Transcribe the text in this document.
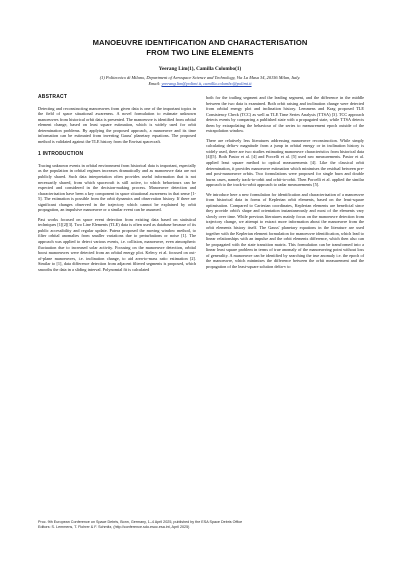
MANOEUVRE IDENTIFICATION AND CHARACTERISATION
FROM TWO LINE ELEMENTS
Yeerang Lim(1), Camilla Colombo(1)
(1) Politecnico di Milano, Department of Aerospace Science and Technology, Via La Masa 34, 20156 Milan, Italy.
Email: yeerang.lim@polimi.it, camilla.colombo@polimi.it
ABSTRACT

Detecting and reconstructing manoeuvres from given data is one of the important topics in the field of space situational awareness. A novel formulation to estimate unknown manoeuvres from historical orbit data is presented. The manoeuvre is identified from orbital element change, based on least square estimation, which is widely used for orbit determination problems. By applying the proposed approach, a manoeuvre and its time information can be estimated from inverting Gauss' planetary equations. The proposed method is validated against the TLE history from the Envisat spacecraft.

1 INTRODUCTION

Tracing unknown events in orbital environment from historical data is important, especially as the population in orbital regimes increases dramatically and as manoeuvre data are not publicly shared. Such data interpretation often provides useful information that is not necessarily shared, from which spacecraft is still active, to which behaviours can be expected and considered in the decision-making process. Manoeuvre detection and characterisation have been a key component in space situational awareness in that sense [1-5]. The estimation is possible from the orbit dynamics and observation history. If there are significant changes observed in the trajectory which cannot be explained by orbit propagation, an impulsive manoeuvre or a similar event can be assumed.

Past works focused on space event detection from existing data based on statistical techniques [1][2][3]. Two Line Elements (TLE) data is often used as database because of its public accessibility and regular update. Patera proposed the moving window method, to filter orbital anomalies from smaller variations due to perturbations or noise [1]. The approach was applied to detect various events, i.e. collision, manoeuvre, even atmospheric fluctuation due to increased solar activity. Focusing on the manoeuvre detection, orbital boost manoeuvres were detected from an orbital energy plot. Kelecy et al. focused on out-of-plane manoeuvres, i.e. inclination change, to aid area-to-mass ratio estimation [2]. Similar to [1], data difference detection from adjacent filtered segments is proposed, which smooths the data in a sliding interval. Polynomial fit is calculated

both for the trailing segment and the leading segment, and the difference in the middle between the two data is examined. Both orbit raising and inclination change were detected from orbital energy plot and inclination history. Lemmens and Krag proposed TLE Consistency Check (TCC) as well as TLE Time Series Analysis (TTSA) [3]. TCC approach detects events by comparing a published state with a propagated state, while TTSA detects them by extrapolating the behaviour of the series to measurement epoch outside of the extrapolation window.

There are relatively less literatures addressing manoeuvre reconstruction. While simply calculating delta-v magnitude from a jump in orbital energy or in inclination history is widely used, there are two studies estimating manoeuvre characteristics from historical data [4][5]. Both Pastor et al. [4] and Porcelli et al. [5] used raw measurements. Pastor et al. applied least square method to optical measurements [4]. Like the classical orbit determination, it provides manoeuvre estimation which minimises the residual between pre- and post-manoeuvre orbits. Two formulations were proposed for single burn and double burns cases, namely track-to-orbit and orbit-to-orbit. Then Porcelli et al. applied the similar approach to the track-to-orbit approach to radar measurements [5].

We introduce here a new formulation for identification and characterisation of a manoeuvre from historical data in forms of Keplerian orbit elements, based on the least-square optimisation. Compared to Cartesian coordinates, Keplerian elements are beneficial since they provide orbit's shape and orientation instantaneously and most of the elements vary slowly over time. While previous literatures mainly focus on the manoeuvre detection from trajectory change, we attempt to extract more information about the manoeuvre from the orbit elements history itself. The Gauss' planetary equations in the literature are used together with the Keplerian element formulation for manoeuvre identification, which lead to linear relationships with an impulse and the orbit elements difference, which then also can be propagated with the state transition matrix. This formulation can be transformed into a linear least square problem in terms of true anomaly of the manoeuvring point without loss of generality. A manoeuvre can be identified by searching the true anomaly i.e. the epoch of the manoeuvre, which minimises the difference between the orbit measurement and the propagation of the least-square solution delta-v to

Proc. 9th European Conference on Space Debris, Bonn, Germany, 1–4 April 2025, published by the ESA Space Debris Office
Editors: S. Lemmens, T. Flohrer & F. Schmitz, (http://conference.sdo.esoc.esa.int, April 2025)
